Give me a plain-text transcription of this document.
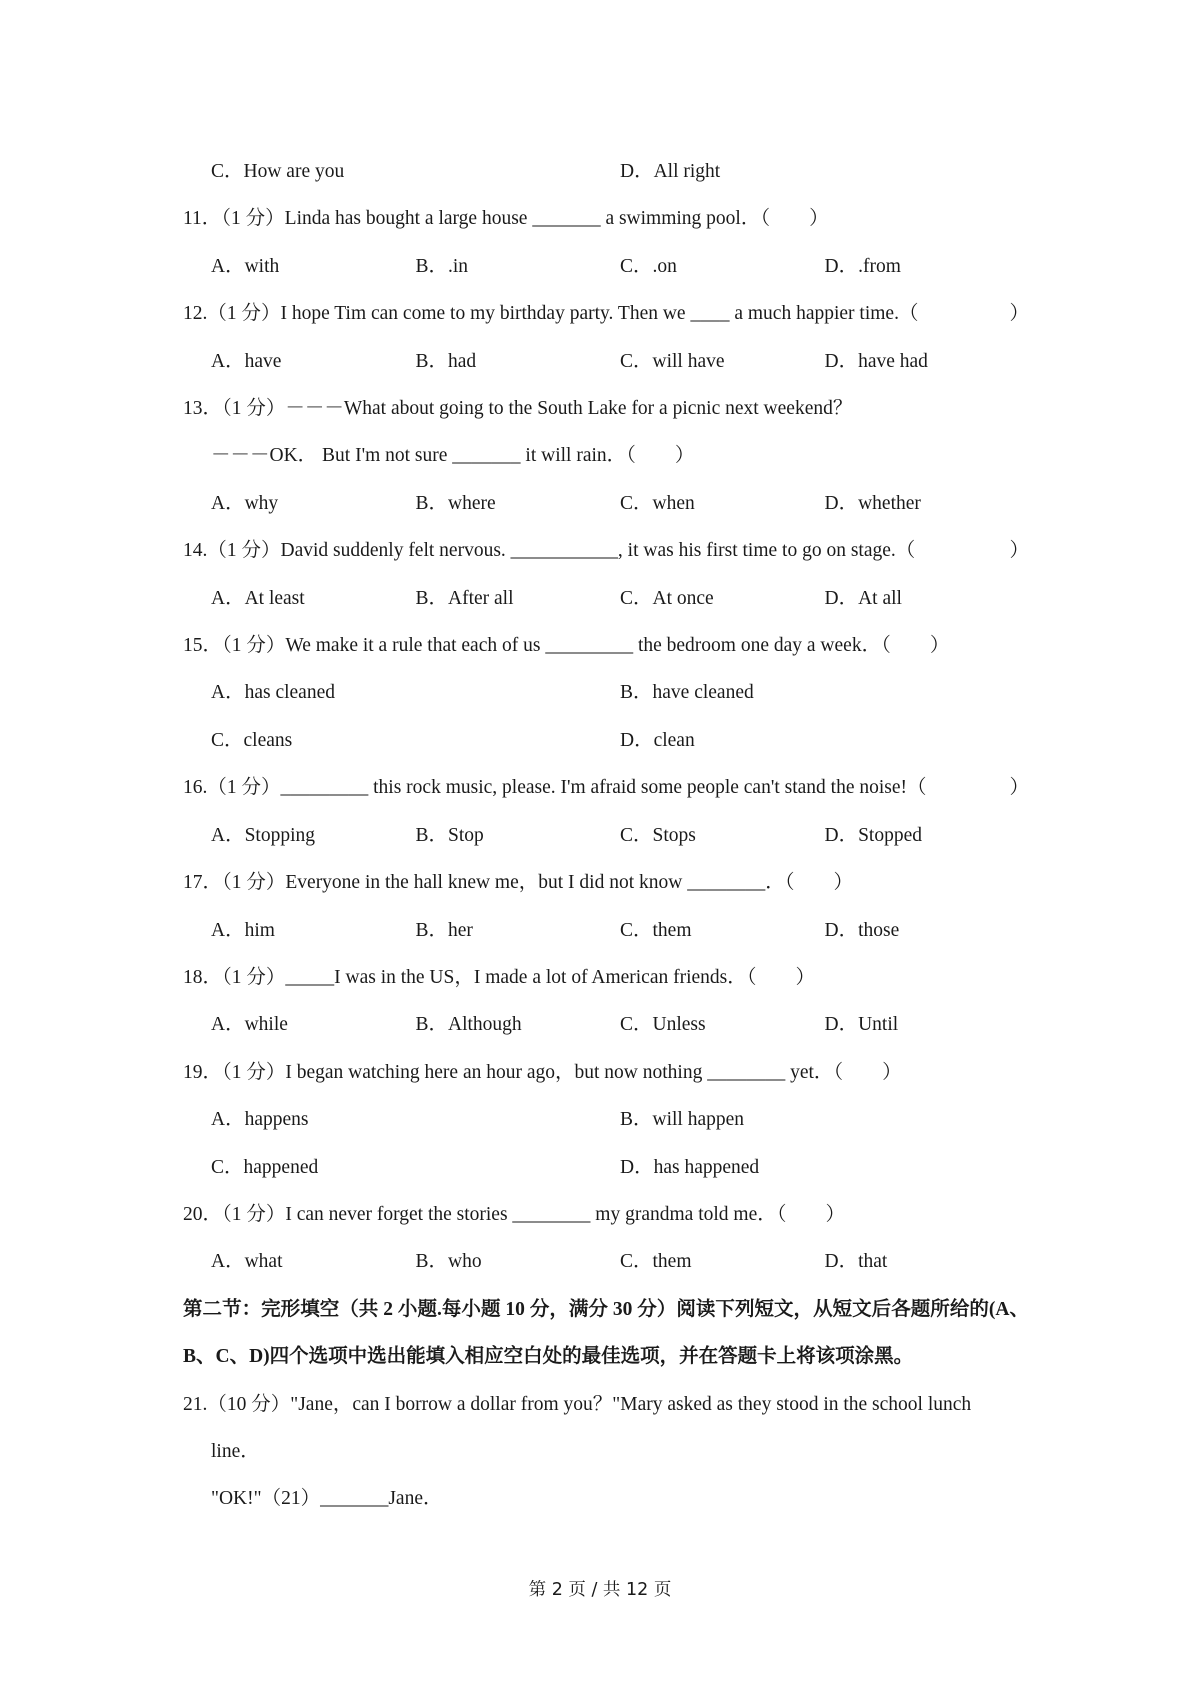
C．How are you	D．All right
11．（1 分）Linda has bought a large house _______ a swimming pool．（　　）
A．with	B．.in	C．.on	D．.from
12.（1 分）I hope Tim can come to my birthday party. Then we ____ a much happier time.（	）
A．have	B．had	C．will have	D．have had
13．（1 分）－－－What about going to the South Lake for a picnic next weekend？
－－－OK． But I'm not sure _______ it will rain．（　　）
A．why	B．where	C．when	D．whether
14.（1 分）David suddenly felt nervous. ___________, it was his first time to go on stage.（	）
A．At least	B．After all	C．At once	D．At all
15．（1 分）We make it a rule that each of us _________ the bedroom one day a week．（　　）
A．has cleaned	B．have cleaned
C．cleans	D．clean
16.（1 分）_________ this rock music, please. I'm afraid some people can't stand the noise!（	）
A．Stopping	B．Stop	C．Stops	D．Stopped
17．（1 分）Everyone in the hall knew me，but I did not know ________．（　　）
A．him	B．her	C．them	D．those
18．（1 分）_____I was in the US，I made a lot of American friends．（　　）
A．while	B．Although	C．Unless	D．Until
19．（1 分）I began watching here an hour ago，but now nothing ________ yet．（　　）
A．happens	B．will happen
C．happened	D．has happened
20．（1 分）I can never forget the stories ________ my grandma told me．（　　）
A．what	B．who	C．them	D．that
第二节：完形填空（共 2 小题.每小题 10 分，满分 30 分）阅读下列短文，从短文后各题所给的(A、B、C、D)四个选项中选出能填入相应空白处的最佳选项，并在答题卡上将该项涂黑。
21.（10 分）"Jane，can I borrow a dollar from you？"Mary asked as they stood in the school lunch
line．
"OK!"（21）_______Jane．
第 2 页 / 共 12 页
